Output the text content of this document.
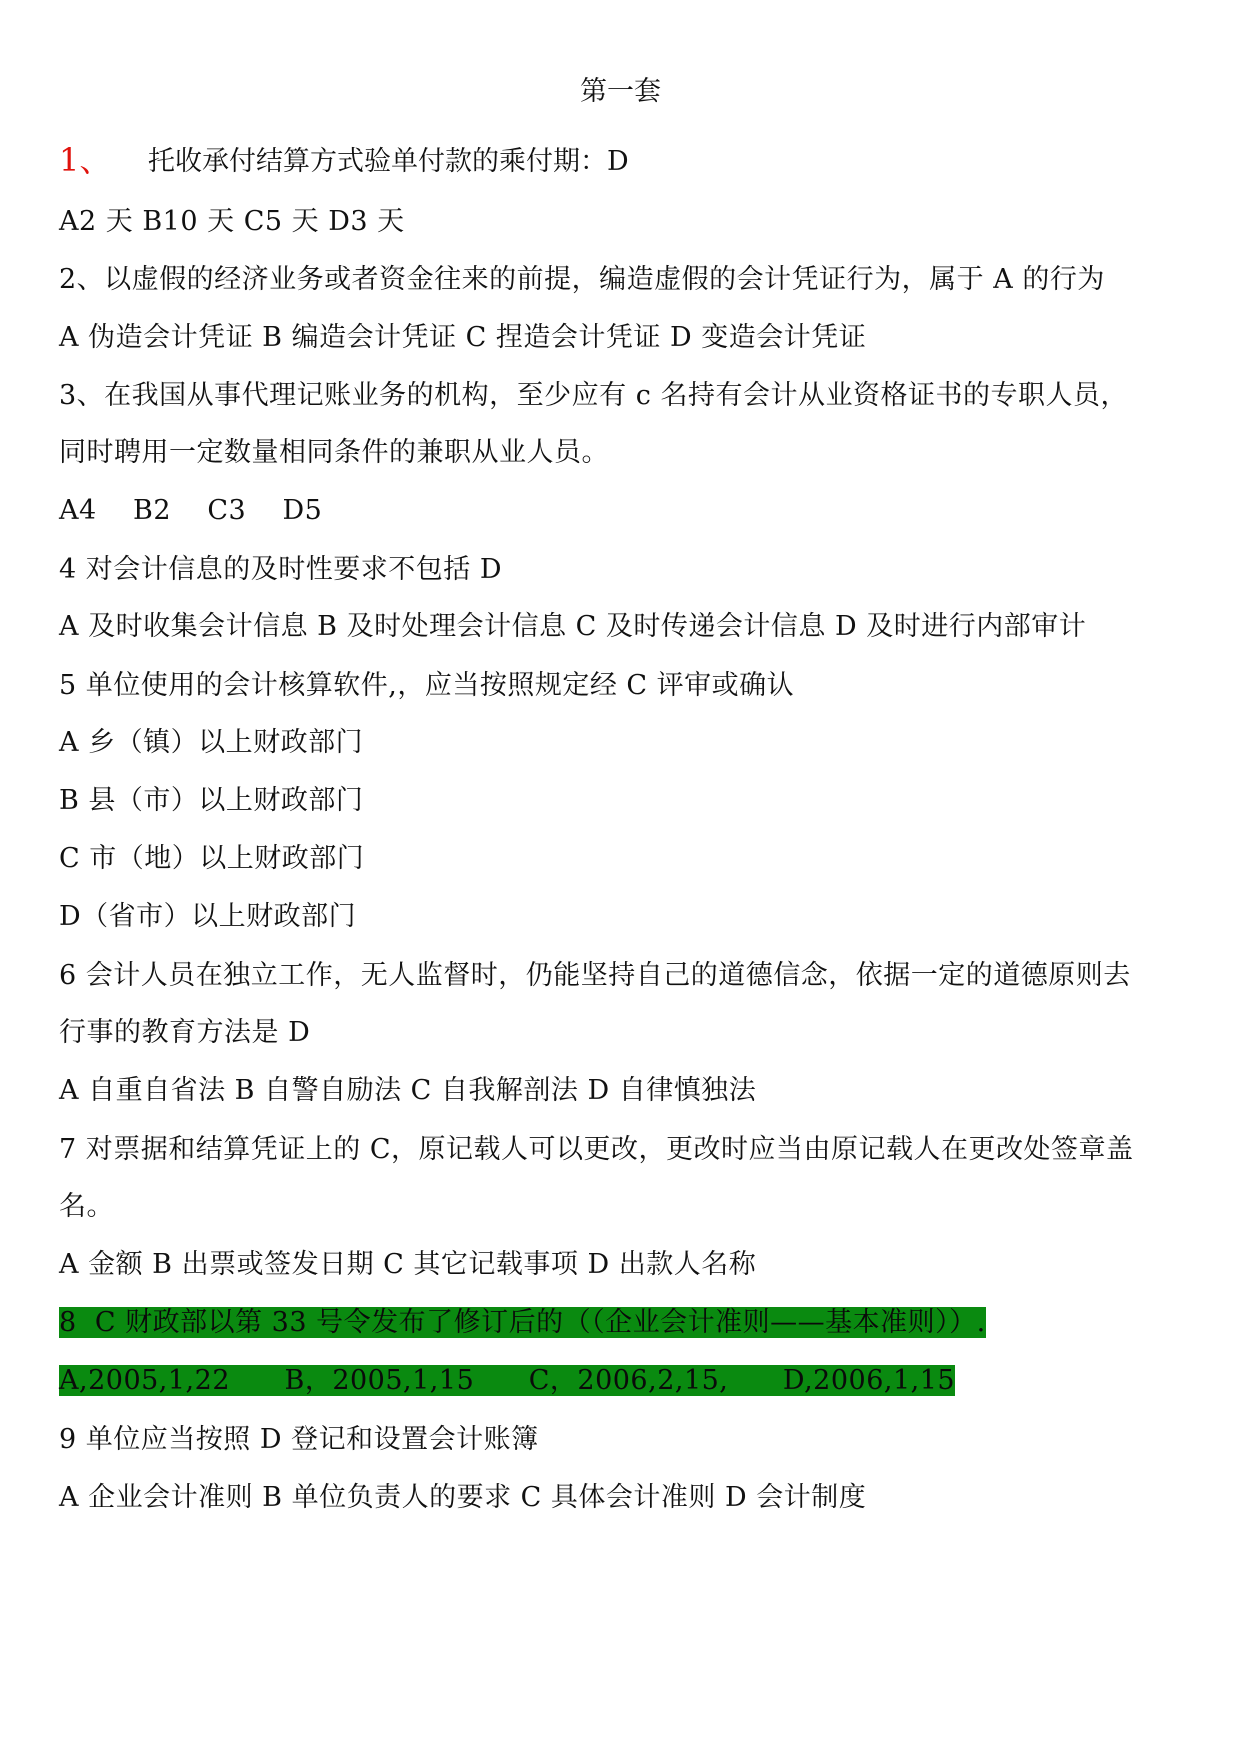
第一套
1、 托收承付结算方式验单付款的乘付期：D
A2 天 B10 天 C5 天 D3 天
2、以虚假的经济业务或者资金往来的前提，编造虚假的会计凭证行为，属于 A 的行为
A 伪造会计凭证 B 编造会计凭证 C 捏造会计凭证 D 变造会计凭证
3、在我国从事代理记账业务的机构，至少应有 c 名持有会计从业资格证书的专职人员，
同时聘用一定数量相同条件的兼职从业人员。
A4    B2    C3    D5
4 对会计信息的及时性要求不包括 D
A 及时收集会计信息 B 及时处理会计信息 C 及时传递会计信息 D 及时进行内部审计
5 单位使用的会计核算软件,，应当按照规定经 C 评审或确认
A 乡（镇）以上财政部门
B 县（市）以上财政部门
C 市（地）以上财政部门
D（省市）以上财政部门
6 会计人员在独立工作，无人监督时，仍能坚持自己的道德信念，依据一定的道德原则去
行事的教育方法是 D
A 自重自省法 B 自警自励法 C 自我解剖法 D 自律慎独法
7 对票据和结算凭证上的 C，原记载人可以更改，更改时应当由原记载人在更改处签章盖
名。
A 金额 B 出票或签发日期 C 其它记载事项 D 出款人名称
8  C 财政部以第 33 号令发布了修订后的（（企业会计准则——基本准则））.
A,2005,1,22      B，2005,1,15      C，2006,2,15,      D,2006,1,15
9 单位应当按照 D 登记和设置会计账簿
A 企业会计准则 B 单位负责人的要求 C 具体会计准则 D 会计制度
